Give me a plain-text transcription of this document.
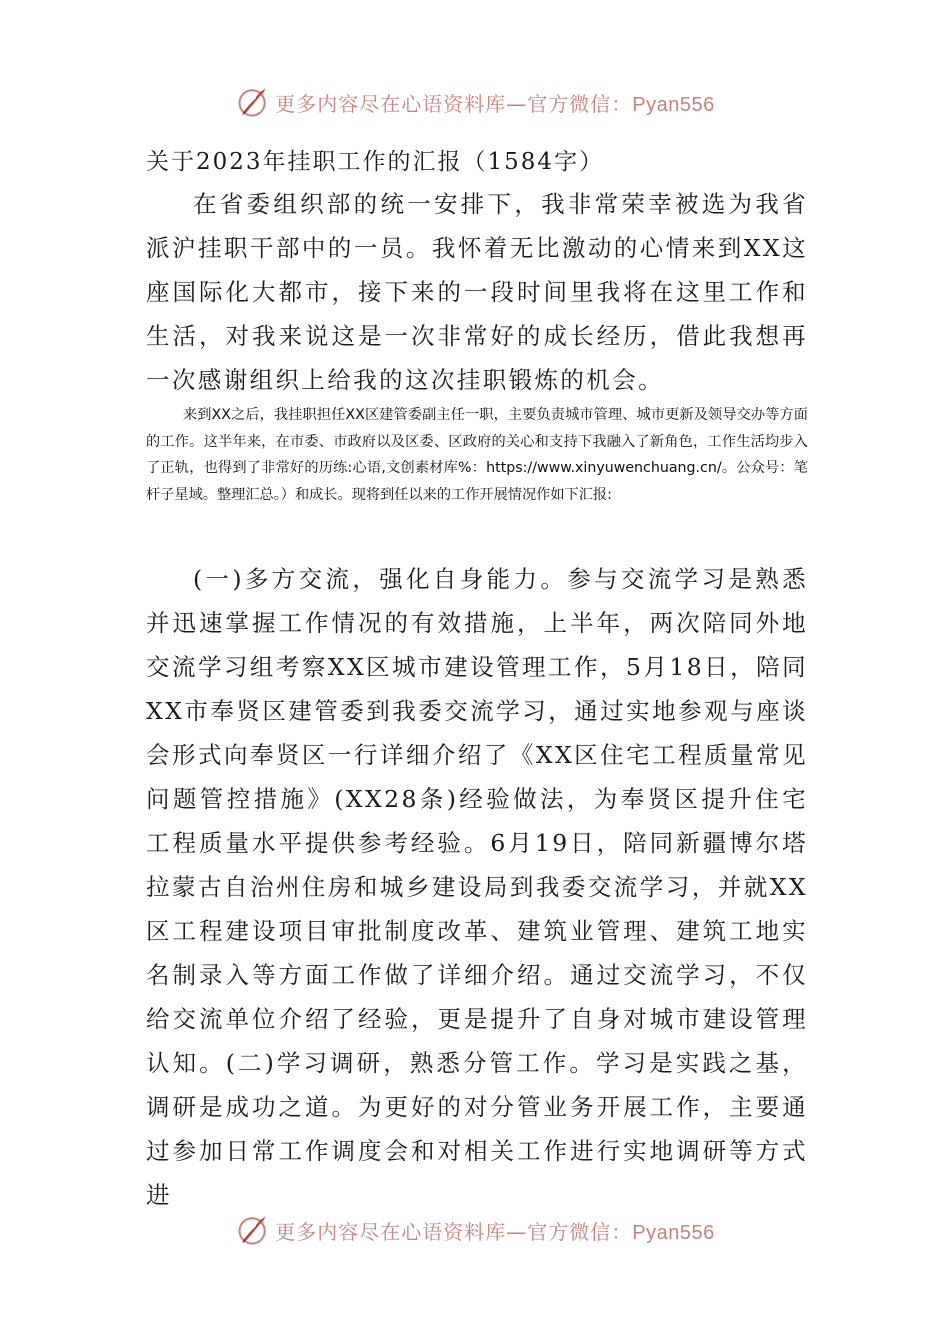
更多内容尽在心语资料库—官方微信：Pyan556
关于2023年挂职工作的汇报（1584字）

在省委组织部的统一安排下，我非常荣幸被选为我省派沪挂职干部中的一员。我怀着无比激动的心情来到XX这座国际化大都市，接下来的一段时间里我将在这里工作和生活，对我来说这是一次非常好的成长经历，借此我想再一次感谢组织上给我的这次挂职锻炼的机会。

来到XX之后，我挂职担任XX区建管委副主任一职，主要负责城市管理、城市更新及领导交办等方面的工作。这半年来，在市委、市政府以及区委、区政府的关心和支持下我融入了新角色，工作生活均步入了正轨，也得到了非常好的历练:心语,文创素材库%：https://www.xinyuwenchuang.cn/。公众号：笔杆子星域。整理汇总。）和成长。现将到任以来的工作开展情况作如下汇报:

(一)多方交流，强化自身能力。参与交流学习是熟悉并迅速掌握工作情况的有效措施，上半年，两次陪同外地交流学习组考察XX区城市建设管理工作，5月18日，陪同XX市奉贤区建管委到我委交流学习，通过实地参观与座谈会形式向奉贤区一行详细介绍了《XX区住宅工程质量常见问题管控措施》(XX28条)经验做法，为奉贤区提升住宅工程质量水平提供参考经验。6月19日，陪同新疆博尔塔拉蒙古自治州住房和城乡建设局到我委交流学习，并就XX区工程建设项目审批制度改革、建筑业管理、建筑工地实名制录入等方面工作做了详细介绍。通过交流学习，不仅给交流单位介绍了经验，更是提升了自身对城市建设管理认知。(二)学习调研，熟悉分管工作。学习是实践之基，调研是成功之道。为更好的对分管业务开展工作，主要通过参加日常工作调度会和对相关工作进行实地调研等方式进

更多内容尽在心语资料库—官方微信：Pyan556
